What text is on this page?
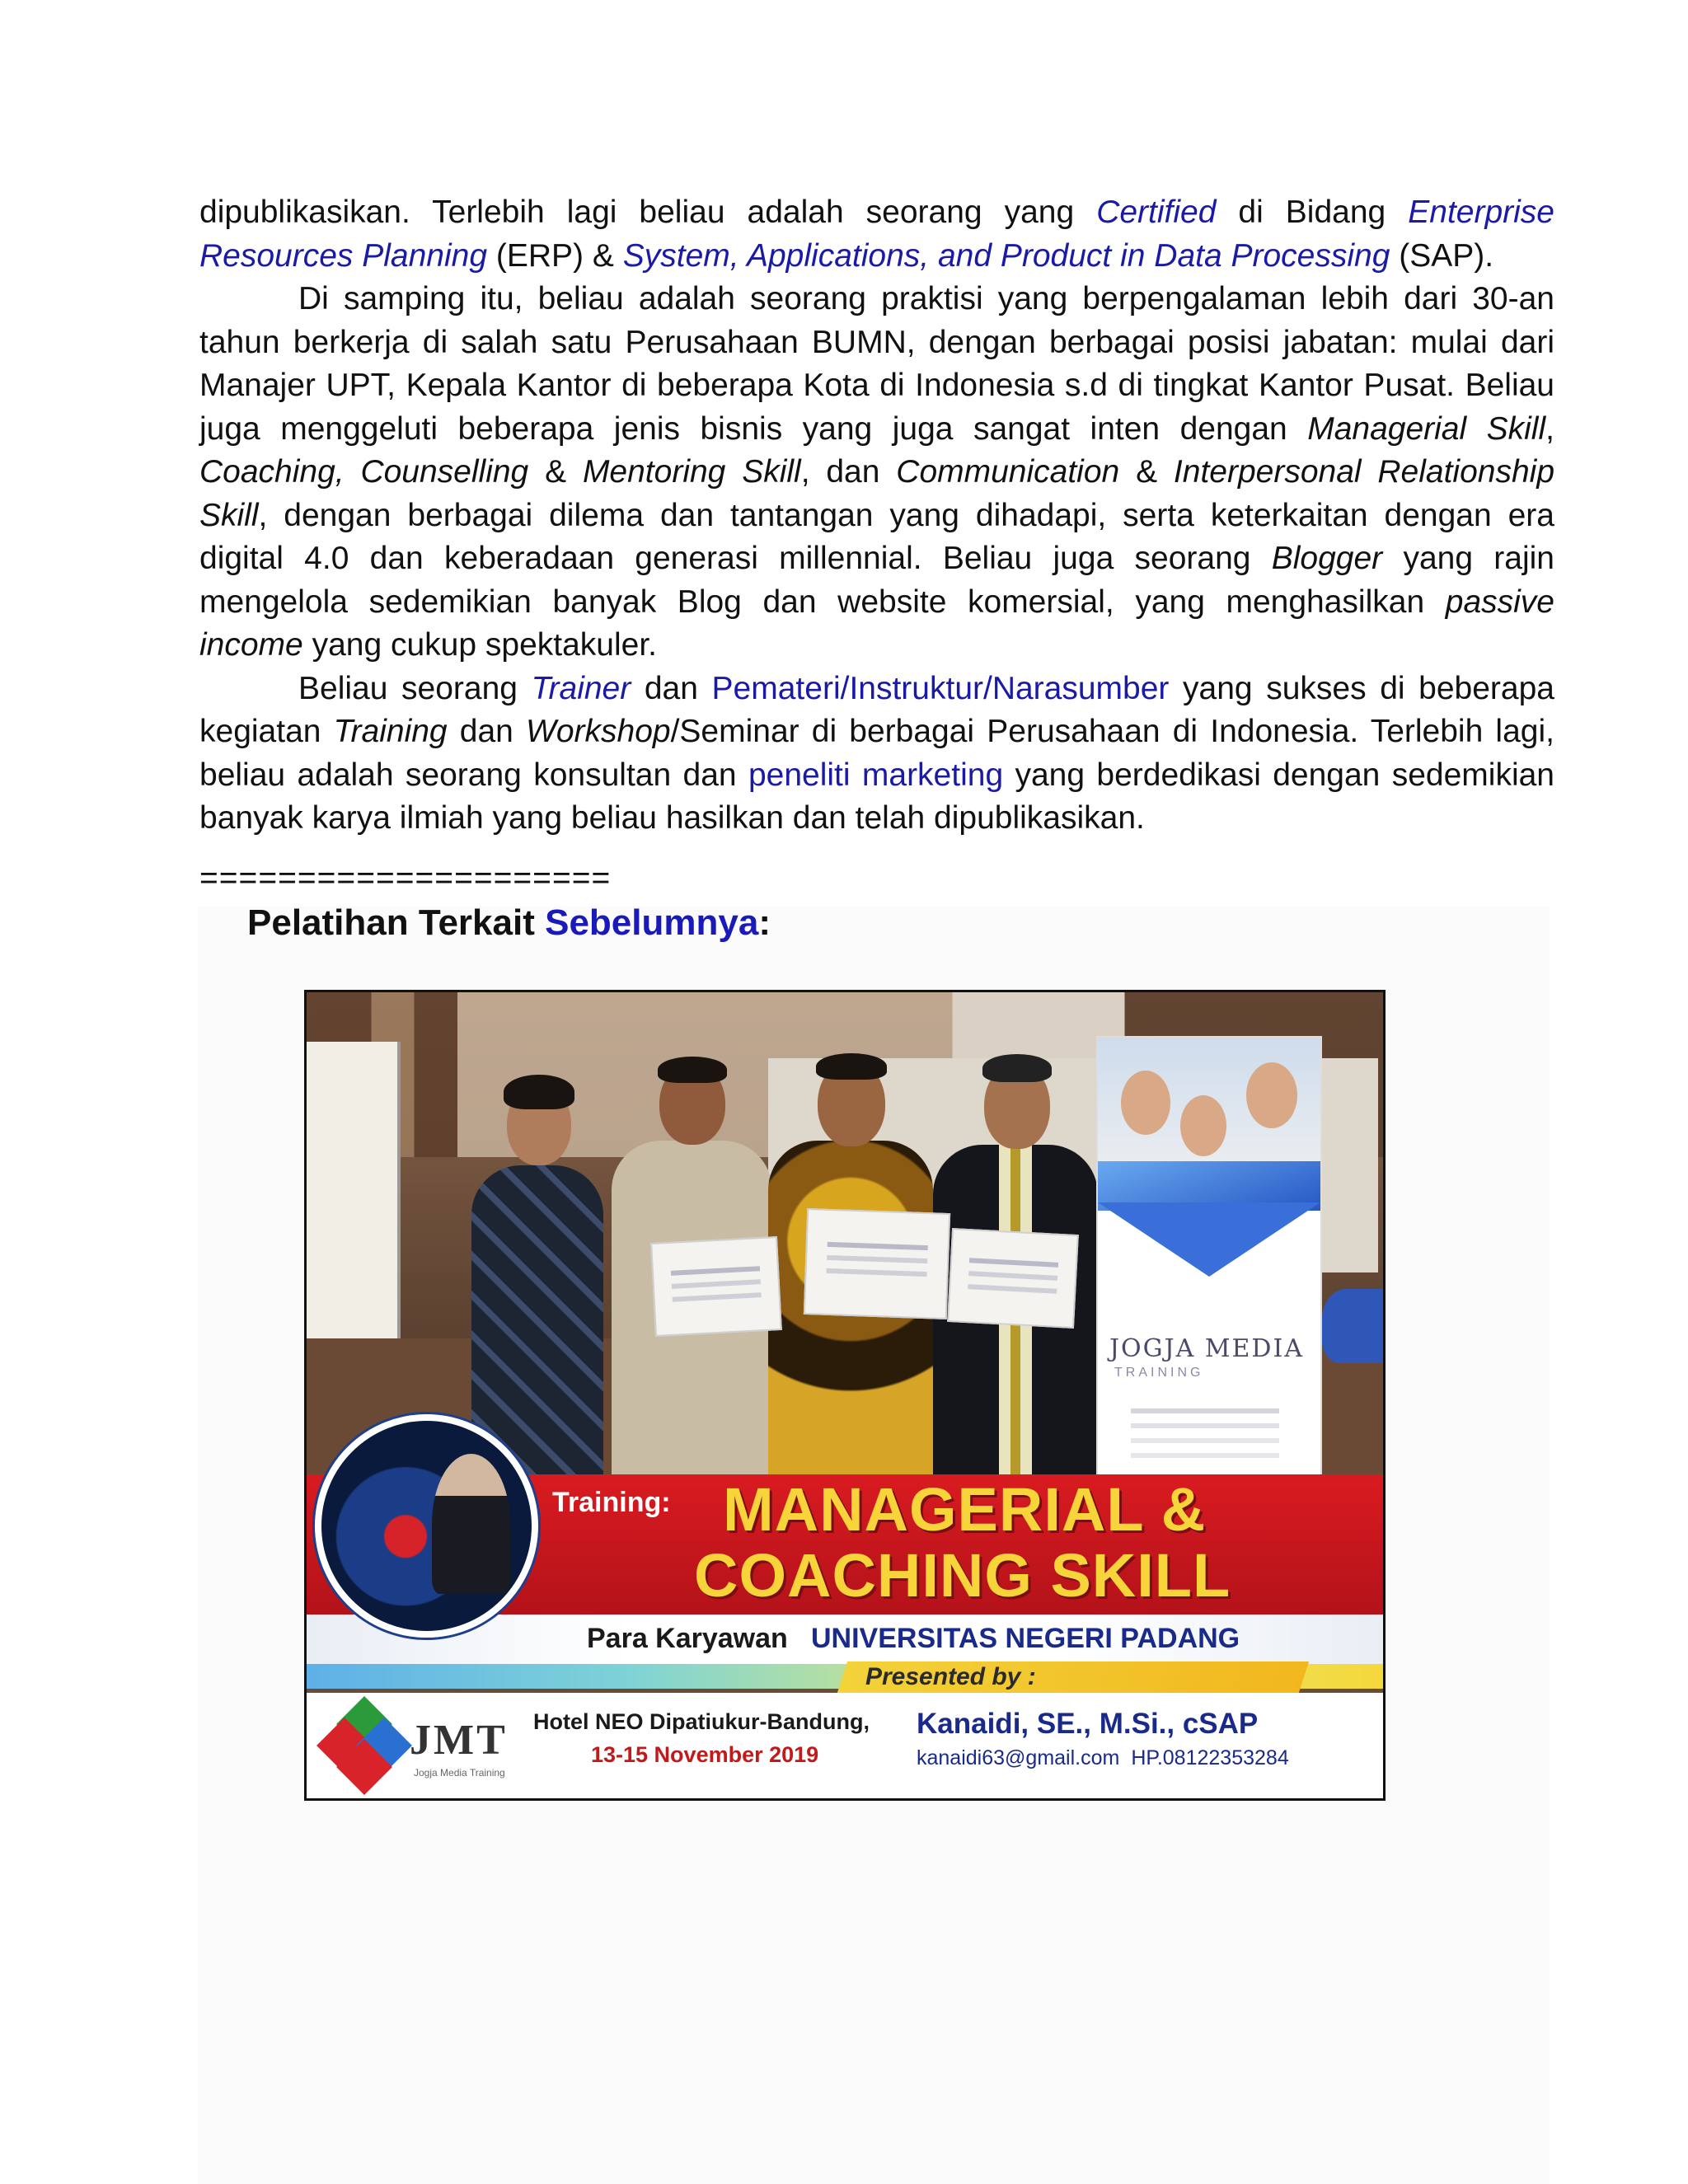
dipublikasikan. Terlebih lagi beliau adalah seorang yang Certified di Bidang Enterprise Resources Planning (ERP) & System, Applications, and Product in Data Processing (SAP).

Di samping itu, beliau adalah seorang praktisi yang berpengalaman lebih dari 30-an tahun berkerja di salah satu Perusahaan BUMN, dengan berbagai posisi jabatan: mulai dari Manajer UPT, Kepala Kantor di beberapa Kota di Indonesia s.d di tingkat Kantor Pusat. Beliau juga menggeluti beberapa jenis bisnis yang juga sangat inten dengan Managerial Skill, Coaching, Counselling & Mentoring Skill, dan Communication & Interpersonal Relationship Skill, dengan berbagai dilema dan tantangan yang dihadapi, serta keterkaitan dengan era digital 4.0 dan keberadaan generasi millennial. Beliau juga seorang Blogger yang rajin mengelola sedemikian banyak Blog dan website komersial, yang menghasilkan passive income yang cukup spektakuler.

Beliau seorang Trainer dan Pemateri/Instruktur/Narasumber yang sukses di beberapa kegiatan Training dan Workshop/Seminar di berbagai Perusahaan di Indonesia. Terlebih lagi, beliau adalah seorang konsultan dan peneliti marketing yang berdedikasi dengan sedemikian banyak karya ilmiah yang beliau hasilkan dan telah dipublikasikan.

=====================
Pelatihan Terkait Sebelumnya:
JOGJA MEDIA
TRAINING
Presented by :
Training: MANAGERIAL &
COACHING SKILL
Para Karyawan UNIVERSITAS NEGERI PADANG
JMT
Jogja Media Training
Hotel NEO Dipatiukur-Bandung,
13-15 November 2019
Kanaidi, SE., M.Si., cSAP
kanaidi63@gmail.com HP.08122353284
